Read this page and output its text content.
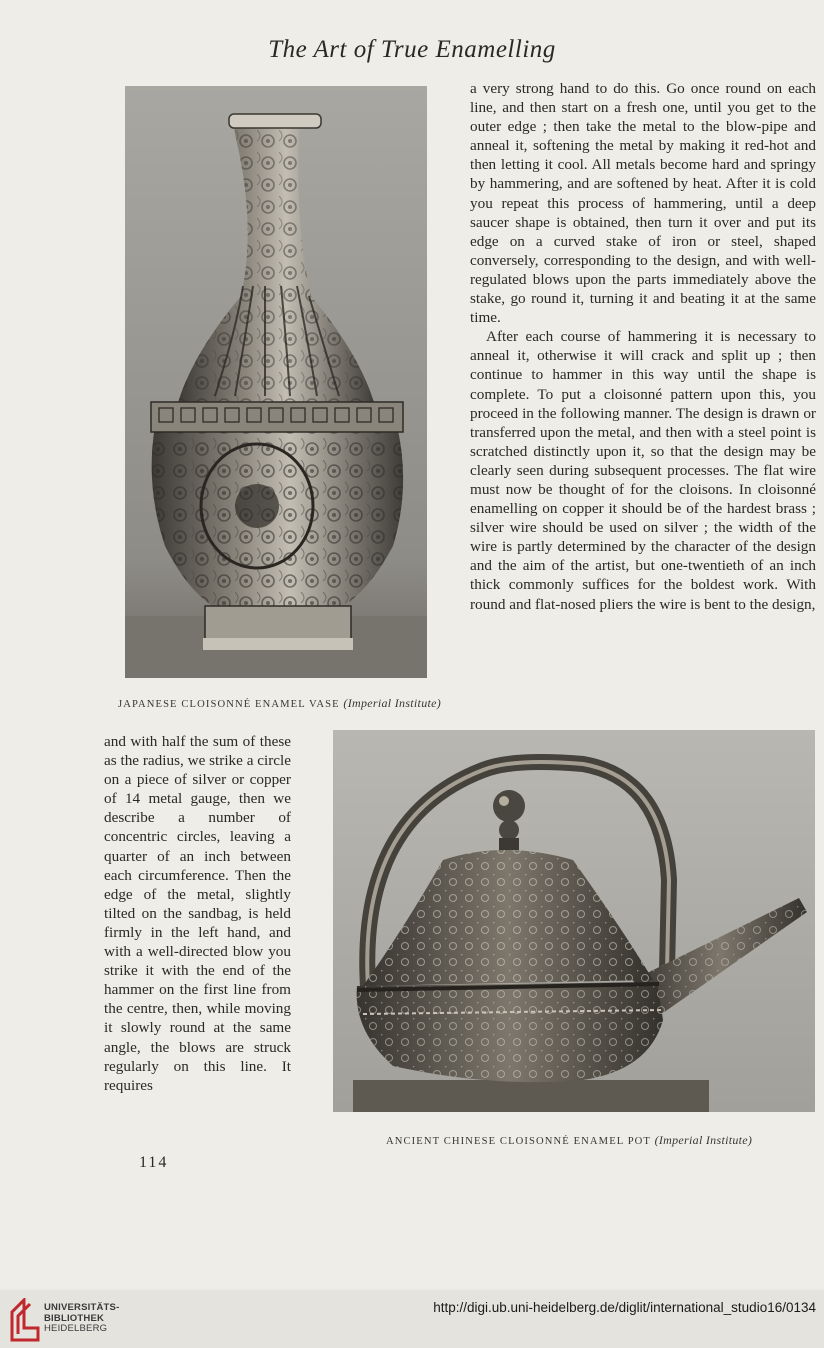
The Art of True Enamelling
JAPANESE CLOISONNÉ ENAMEL VASE (Imperial Institute)

a very strong hand to do this. Go once round on each line, and then start on a fresh one, until you get to the outer edge ; then take the metal to the blow-pipe and anneal it, softening the metal by making it red-hot and then letting it cool. All metals become hard and springy by hammering, and are softened by heat. After it is cold you repeat this process of hammering, until a deep saucer shape is obtained, then turn it over and put its edge on a curved stake of iron or steel, shaped conversely, corresponding to the design, and with well-regulated blows upon the parts immediately above the stake, go round it, turning it and beating it at the same time.

After each course of hammering it is necessary to anneal it, otherwise it will crack and split up ; then continue to hammer in this way until the shape is complete. To put a cloisonné pattern upon this, you proceed in the following manner. The design is drawn or transferred upon the metal, and then with a steel point is scratched distinctly upon it, so that the design may be clearly seen during subsequent processes. The flat wire must now be thought of for the cloisons. In cloisonné enamelling on copper it should be of the hardest brass ; silver wire should be used on silver ; the width of the wire is partly determined by the character of the design and the aim of the artist, but one-twentieth of an inch thick commonly suffices for the boldest work. With round and flat-nosed pliers the wire is bent to the design,

and with half the sum of these as the radius, we strike a circle on a piece of silver or copper of 14 metal gauge, then we describe a number of concentric circles, leaving a quarter of an inch between each circumference. Then the edge of the metal, slightly tilted on the sandbag, is held firmly in the left hand, and with a well-directed blow you strike it with the end of the hammer on the first line from the centre, then, while moving it slowly round at the same angle, the blows are struck regularly on this line. It requires

ANCIENT CHINESE CLOISONNÉ ENAMEL POT (Imperial Institute)
114
UNIVERSITÄTS-
BIBLIOTHEK
HEIDELBERG
http://digi.ub.uni-heidelberg.de/diglit/international_studio16/0134
